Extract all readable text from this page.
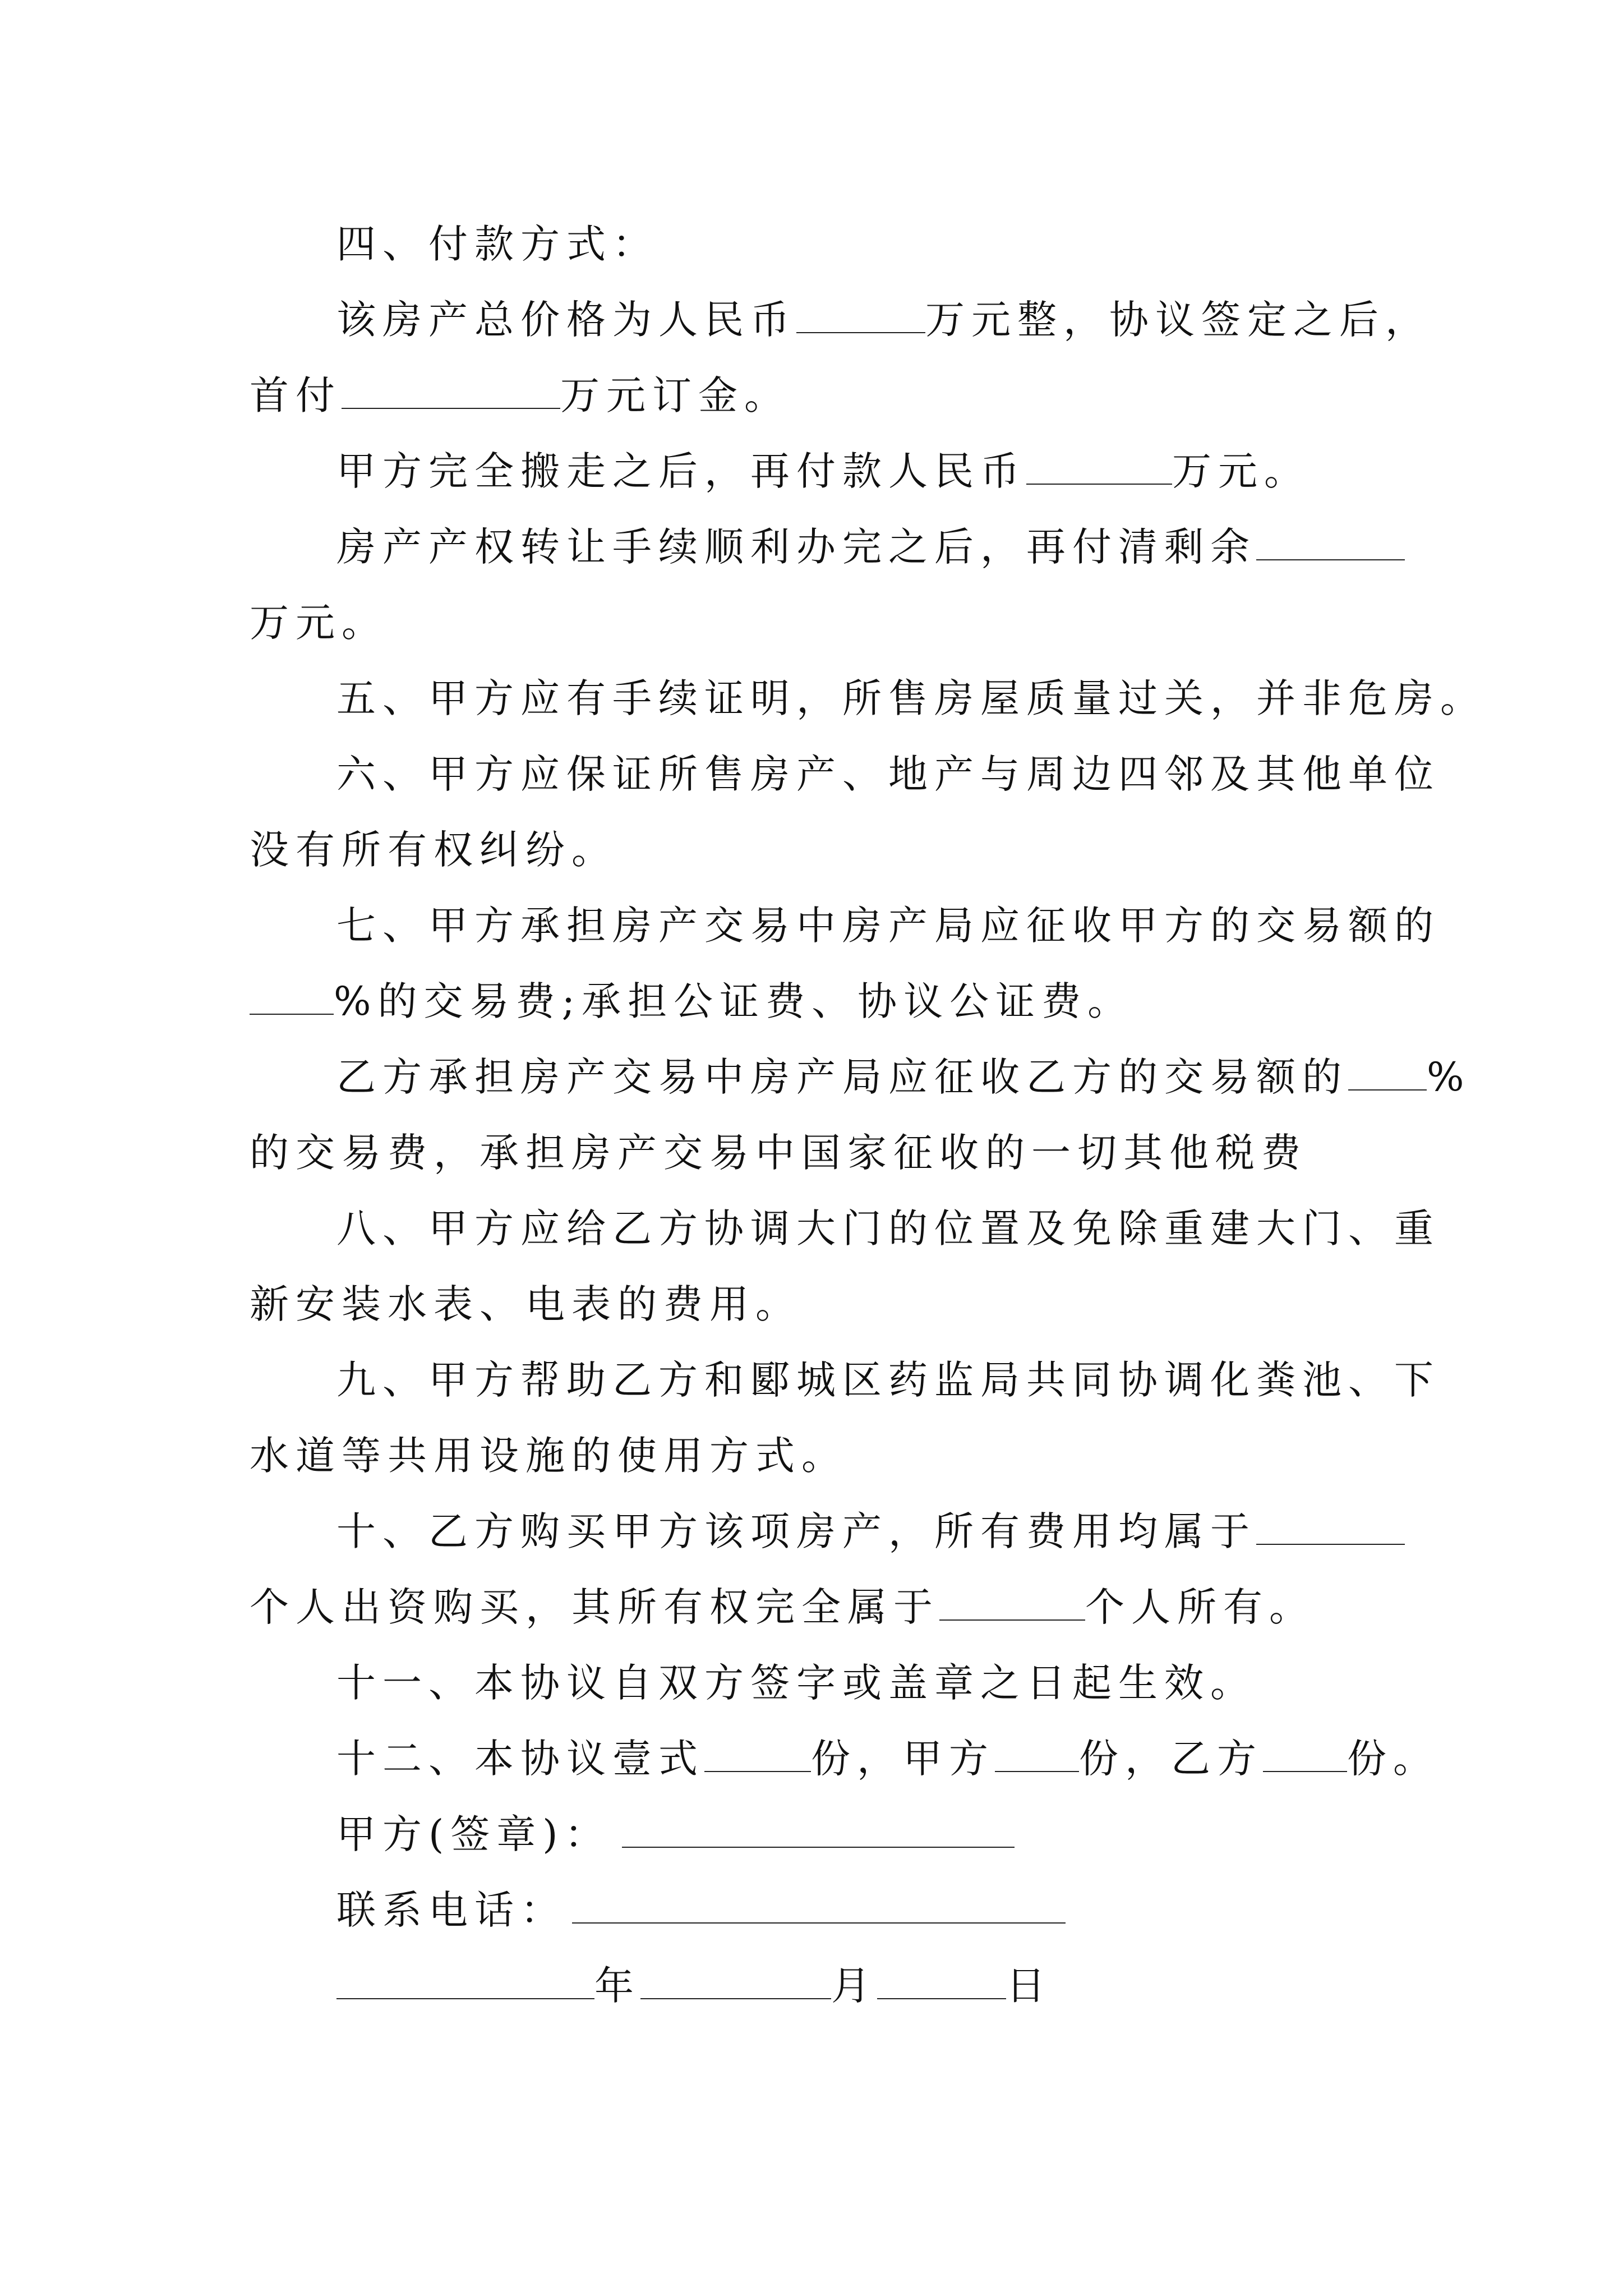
四、付款方式：
该房产总价格为人民币	万元整，协议签定之后，
首付	万元订金。
甲方完全搬走之后，再付款人民币	万元。
房产产权转让手续顺利办完之后，再付清剩余
万元。
五、甲方应有手续证明，所售房屋质量过关，并非危房。
六、甲方应保证所售房产、地产与周边四邻及其他单位
没有所有权纠纷。
七、甲方承担房产交易中房产局应征收甲方的交易额的
%的交易费;承担公证费、协议公证费。
乙方承担房产交易中房产局应征收乙方的交易额的 %
的交易费，承担房产交易中国家征收的一切其他税费
八、甲方应给乙方协调大门的位置及免除重建大门、重
新安装水表、电表的费用。
九、甲方帮助乙方和郾城区药监局共同协调化粪池、下
水道等共用设施的使用方式。
十、乙方购买甲方该项房产，所有费用均属于
个人出资购买，其所有权完全属于	个人所有。
十一、本协议自双方签字或盖章之日起生效。
十二、本协议壹式	份，甲方 份，乙方 份。
甲方(签章)：
联系电话：
年	月	日
